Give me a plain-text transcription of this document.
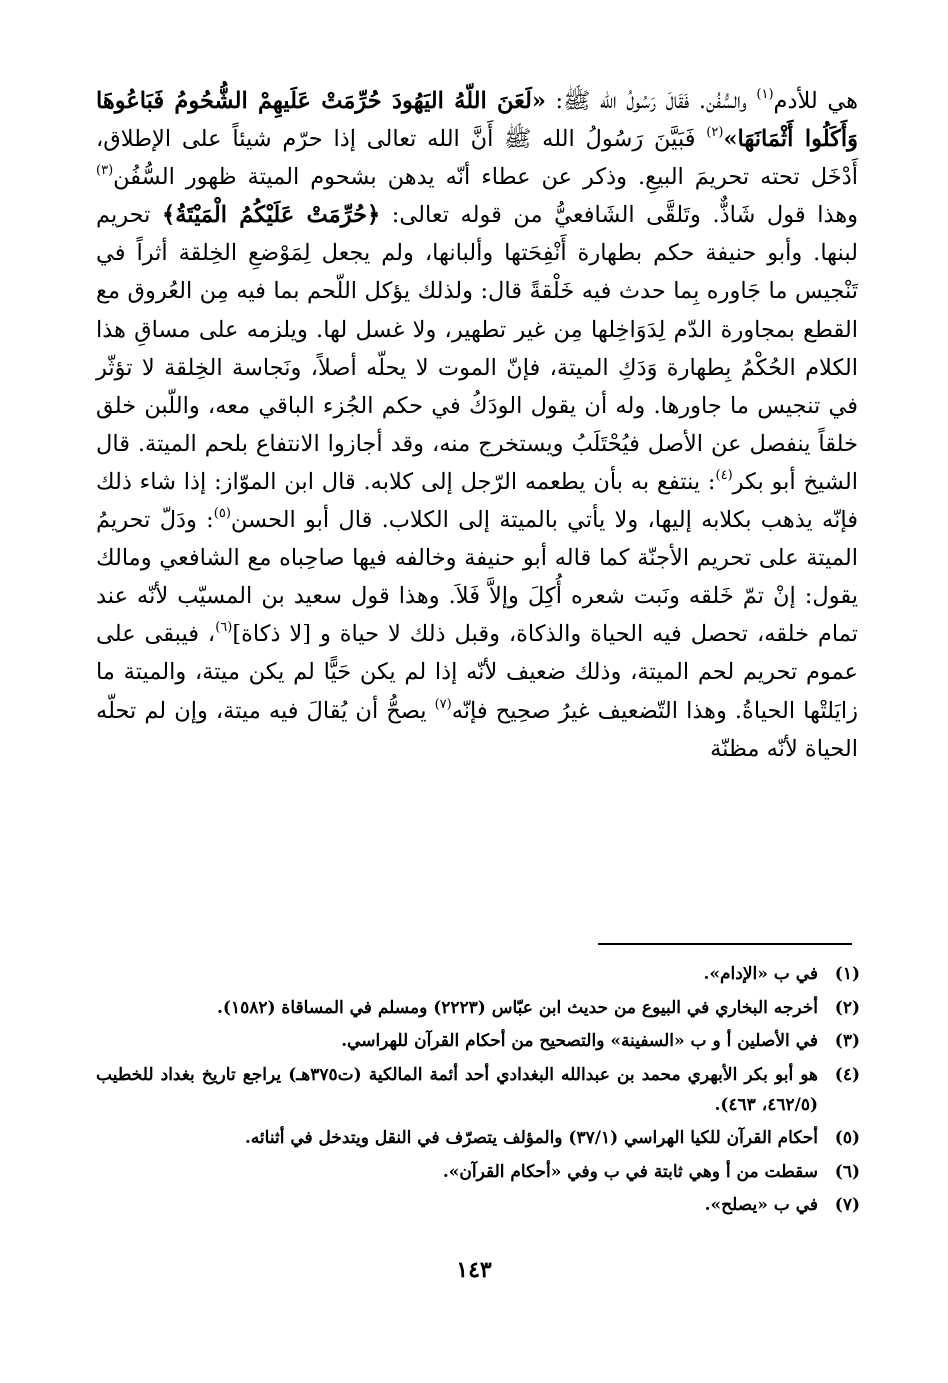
هي للأدم$^{(١)}$ والسُّفُن. فَقَالَ رَسُولُ الله ﷺ: «لَعَنَ اللّهُ اليَهُودَ حُرِّمَتْ عَلَيهِمْ الشُّحُومُ فَبَاعُوهَا وَأَكَلُوا أَثْمَانَهَا»$^{(٢)}$ فَبَيَّنَ رَسُولُ الله ﷺ أَنَّ الله تعالى إذا حرّم شيئاً على الإطلاق، أَدْخَل تحته تحريمَ البيعِ. وذكر عن عطاء أنّه يدهن بشحوم الميتة ظهور السُّفُن$^{(٣)}$ وهذا قول شَاذٌّ. وتَلقَّى الشَافعيُّ من قوله تعالى: ﴿حُرِّمَتْ عَلَيْكُمُ الْمَيْتَةُ﴾ تحريم لبنها. وأبو حنيفة حكم بطهارة أَنْفِحَتها وألبانها، ولم يجعل لِمَوْضعِ الخِلقة أثراً في تَنْجيس ما جَاوره بِما حدث فيه خَلْقةً قال: ولذلك يؤكل اللّحم بما فيه مِن العُروق مع القطع بمجاورة الدّم لِدَوَاخِلها مِن غير تطهير، ولا غسل لها. ويلزمه على مساقِ هذا الكلام الحُكْمُ بِطهارة وَدَكِ الميتة، فإنّ الموت لا يحلّه أصلاً، ونَجاسة الخِلقة لا تؤثّر في تنجيس ما جاورها. وله أن يقول الودَكُ في حكم الجُزء الباقي معه، واللّبن خلق خلقاً ينفصل عن الأصل فيُحْتَلَبُ ويستخرج منه، وقد أجازوا الانتفاع بلحم الميتة. قال الشيخ أبو بكر$^{(٤)}$: ينتفع به بأن يطعمه الرّجل إلى كلابه. قال ابن الموّاز: إذا شاء ذلك فإنّه يذهب بكلابه إليها، ولا يأتي بالميتة إلى الكلاب. قال أبو الحسن$^{(٥)}$: ودَلّ تحريمُ الميتة على تحريم الأجنّة كما قاله أبو حنيفة وخالفه فيها صاحِباه مع الشافعي ومالك يقول: إنْ تمّ خَلقه ونَبت شعره أُكِلَ وإلاَّ فَلاَ. وهذا قول سعيد بن المسيّب لأنّه عند تمام خلقه، تحصل فيه الحياة والذكاة، وقبل ذلك لا حياة و [لا ذكاة]$^{(٦)}$، فيبقى على عموم تحريم لحم الميتة، وذلك ضعيف لأنّه إذا لم يكن حَيًّا لم يكن ميتة، والميتة ما زايَلتْها الحياةُ. وهذا التّضعيف غيرُ صحِيح فإنّه$^{(٧)}$ يصحُّ أن يُقالَ فيه ميتة، وإن لم تحلّه الحياة لأنّه مظنّة

(١)
في ب «الإدام».
(٢)
أخرجه البخاري في البيوع من حديث ابن عبّاس (٢٢٢٣) ومسلم في المساقاة (١٥٨٢).
(٣)
في الأصلين أ و ب «السفينة» والتصحيح من أحكام القرآن للهراسي.
(٤)
هو أبو بكر الأبهري محمد بن عبدالله البغدادي أحد أئمة المالكية (ت٣٧٥هـ) يراجع تاريخ بغداد للخطيب (٤٦٢/٥، ٤٦٣).
(٥)
أحكام القرآن للكيا الهراسي (٣٧/١) والمؤلف يتصرّف في النقل ويتدخل في أثنائه.
(٦)
سقطت من أ وهي ثابتة في ب وفي «أحكام القرآن».
(٧)
في ب «يصلح».
١٤٣
